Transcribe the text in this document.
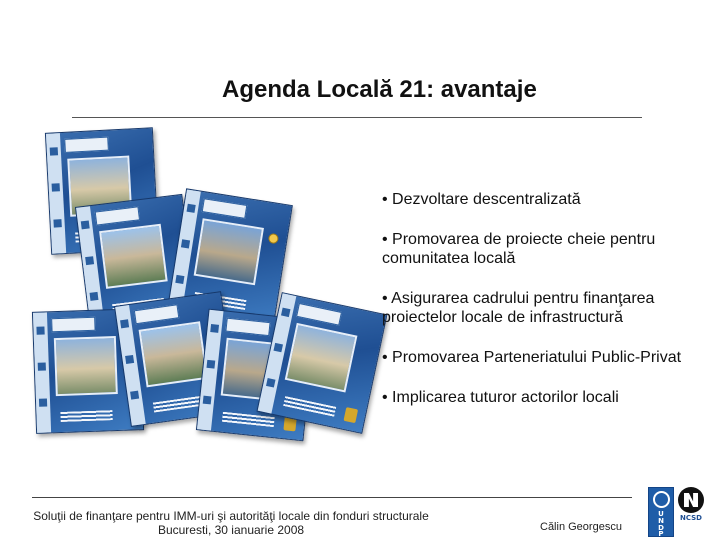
Agenda Locală 21: avantaje
• Dezvoltare descentralizată
• Promovarea de proiecte cheie pentru comunitatea locală
• Asigurarea cadrului pentru finanţarea proiectelor locale de infrastructură
• Promovarea Parteneriatului Public-Privat
• Implicarea tuturor actorilor locali
Soluţii de finanţare pentru IMM-uri şi autorităţi locale din fonduri structurale
Bucuresti, 30 ianuarie 2008	Călin Georgescu
U
N
D
P
NCSD
